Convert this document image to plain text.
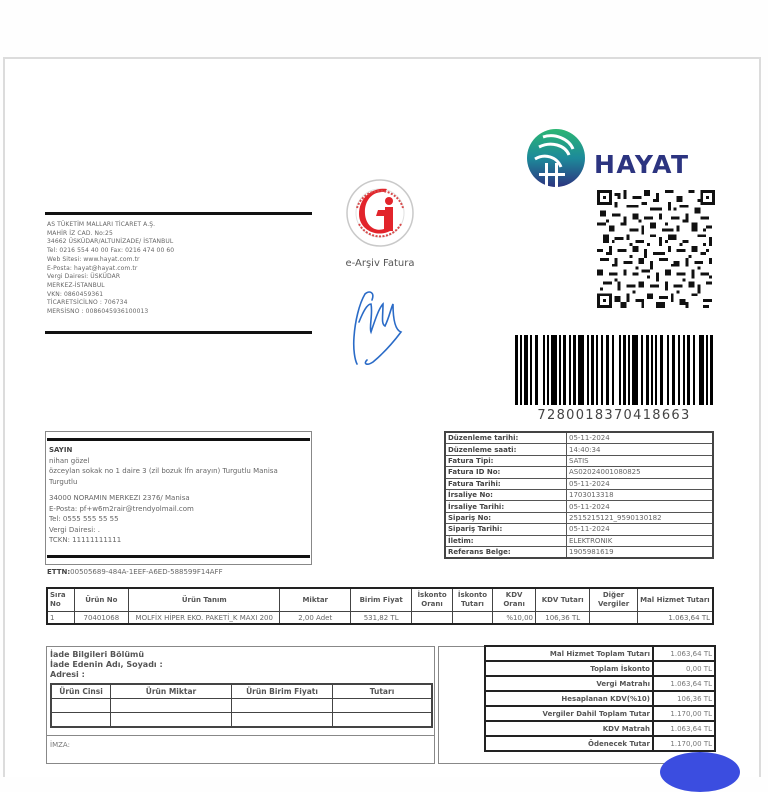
AS TÜKETİM MALLARI TİCARET A.Ş.
MAHİR İZ CAD. No:25
34662 ÜSKÜDAR/ALTUNİZADE/ İSTANBUL
Tel: 0216 554 40 00 Fax: 0216 474 00 60
Web Sitesi: www.hayat.com.tr
E-Posta: hayat@hayat.com.tr
Vergi Dairesi: ÜSKÜDAR
MERKEZ-İSTANBUL
VKN: 0860459361
TİCARETSİCİLNO : 706734
MERSİSNO : 0086045936100013
e-Arşiv Fatura
HAYAT
7280018370418663
SAYIN
nihan gözel
özceylan sokak no 1 daire 3 (zil bozuk lfn arayın) Turgutlu Manisa
Turgutlu
34000 NORAMIN MERKEZI 2376/ Manisa
E-Posta: pf+w6m2rair@trendyolmail.com
Tel: 0555 555 55 55
Vergi Dairesi: .
TCKN: 11111111111
ETTN:00505689-484A-1EEF-A6ED-588599F14AFF
Düzenleme tarihi:	05-11-2024
Düzenleme saati:	14:40:34
Fatura Tipi:	SATIS
Fatura ID No:	AS02024001080825
Fatura Tarihi:	05-11-2024
İrsaliye No:	1703013318
İrsaliye Tarihi:	05-11-2024
Sipariş No:	2515215121_9590130182
Sipariş Tarihi:	05-11-2024
İletim:	ELEKTRONIK
Referans Belge:	1905981619
Sıra No	Ürün No	Ürün Tanım	Miktar	Birim Fiyat	İskonto Oranı	İskonto Tutarı	KDV Oranı	KDV Tutarı	Diğer Vergiler	Mal Hizmet Tutarı
1	70401068	MOLFİX HİPER EKO. PAKETİ_K MAXI 200	2,00 Adet	531,82 TL			%10,00	106,36 TL		1.063,64 TL
İade Bilgileri Bölümü
İade Edenin Adı, Soyadı :
Adresi :
Ürün Cinsi	Ürün Miktar	Ürün Birim Fiyatı	Tutarı

İMZA:
Mal Hizmet Toplam Tutarı	1.063,64 TL
Toplam İskonto	0,00 TL
Vergi Matrahı	1.063,64 TL
Hesaplanan KDV(%10)	106,36 TL
Vergiler Dahil Toplam Tutar	1.170,00 TL
KDV Matrah	1.063,64 TL
Ödenecek Tutar	1.170,00 TL
